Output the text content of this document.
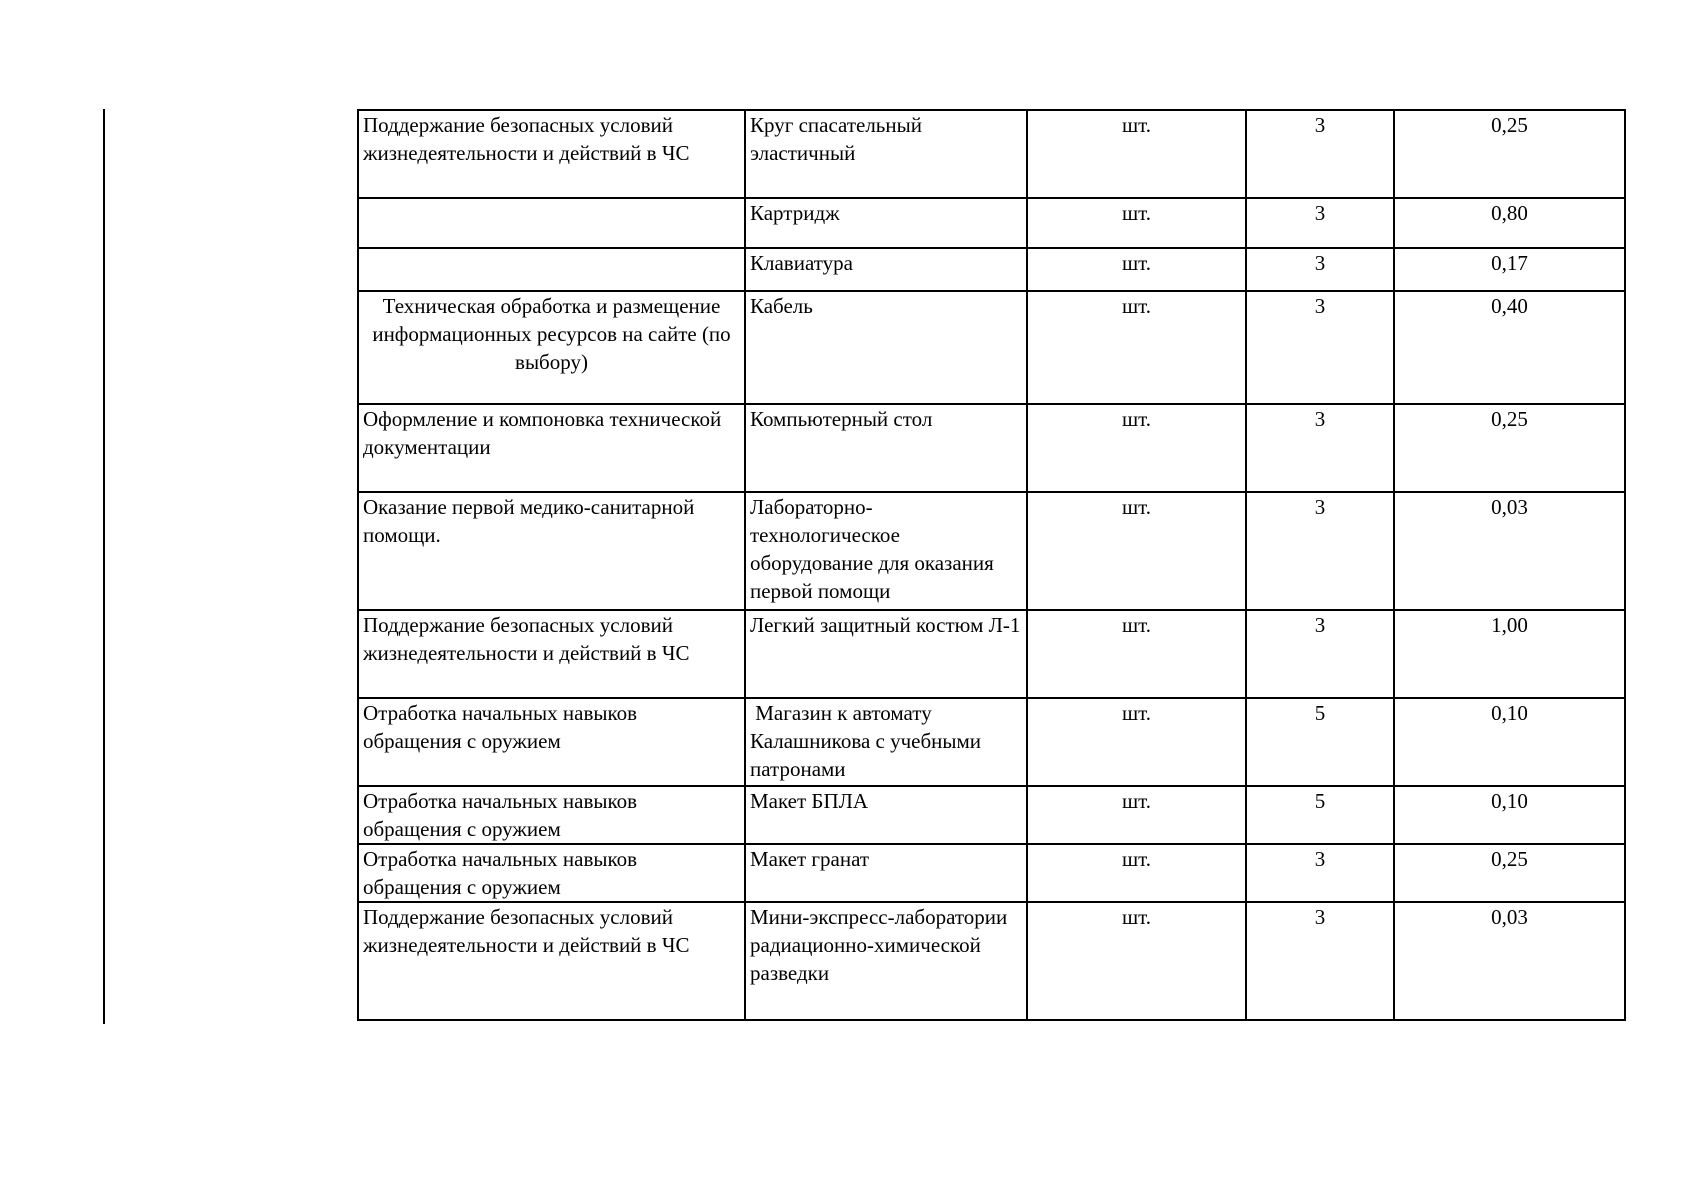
Поддержание безопасных условий жизнедеятельности и действий в ЧС	Круг спасательный эластичный	шт.	3	0,25
	Картридж	шт.	3	0,80
	Клавиатура	шт.	3	0,17
Техническая обработка и размещение информационных ресурсов на сайте (по выбору)	Кабель	шт.	3	0,40
Оформление и компоновка технической документации	Компьютерный стол	шт.	3	0,25
Оказание первой медико-санитарной помощи.	Лабораторно-технологическое оборудование для оказания первой помощи	шт.	3	0,03
Поддержание безопасных условий жизнедеятельности и действий в ЧС	Легкий защитный костюм Л-1	шт.	3	1,00
Отработка начальных навыков обращения с оружием	Магазин к автомату Калашникова с учебными патронами	шт.	5	0,10
Отработка начальных навыков обращения с оружием	Макет БПЛА	шт.	5	0,10
Отработка начальных навыков обращения с оружием	Макет гранат	шт.	3	0,25
Поддержание безопасных условий жизнедеятельности и действий в ЧС	Мини-экспресс-лаборатории радиационно-химической разведки	шт.	3	0,03
